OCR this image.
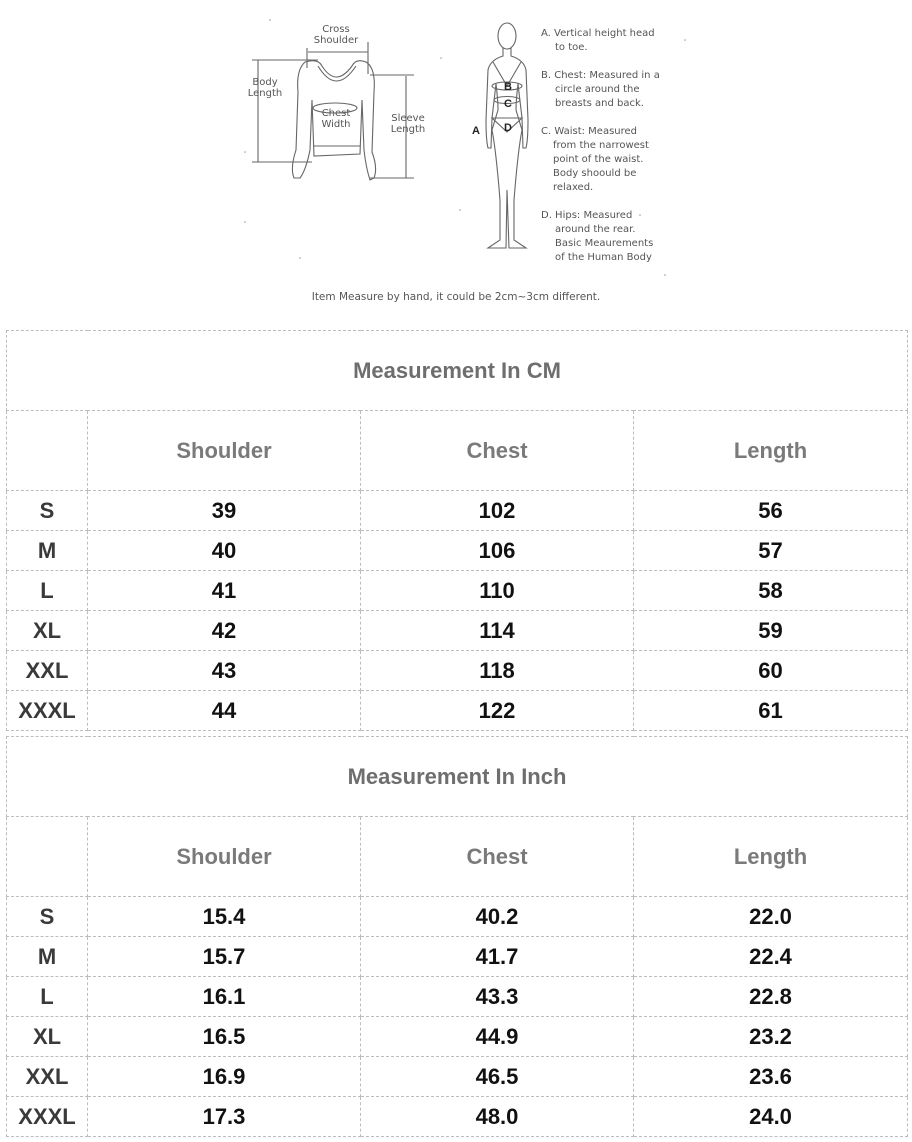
Cross
Shoulder
Body
Length
Chest
Width
Sleeve
Length	A
B
C
D
A. Vertical height head
to toe.
B. Chest: Measured in a
circle around the
breasts and back.
C. Waist: Measured
from the narrowest
point of the waist.
Body shoould be
relaxed.
D. Hips: Measured
around the rear.
Basic Meaurements
of the Human Body
Item Measure by hand, it could be 2cm~3cm different.
Measurement In CM			
	Shoulder	Chest	Length
S	39	102	56
M	40	106	57
L	41	110	58
XL	42	114	59
XXL	43	118	60
XXXL	44	122	61
Measurement In Inch			
	Shoulder	Chest	Length
S	15.4	40.2	22.0
M	15.7	41.7	22.4
L	16.1	43.3	22.8
XL	16.5	44.9	23.2
XXL	16.9	46.5	23.6
XXXL	17.3	48.0	24.0
